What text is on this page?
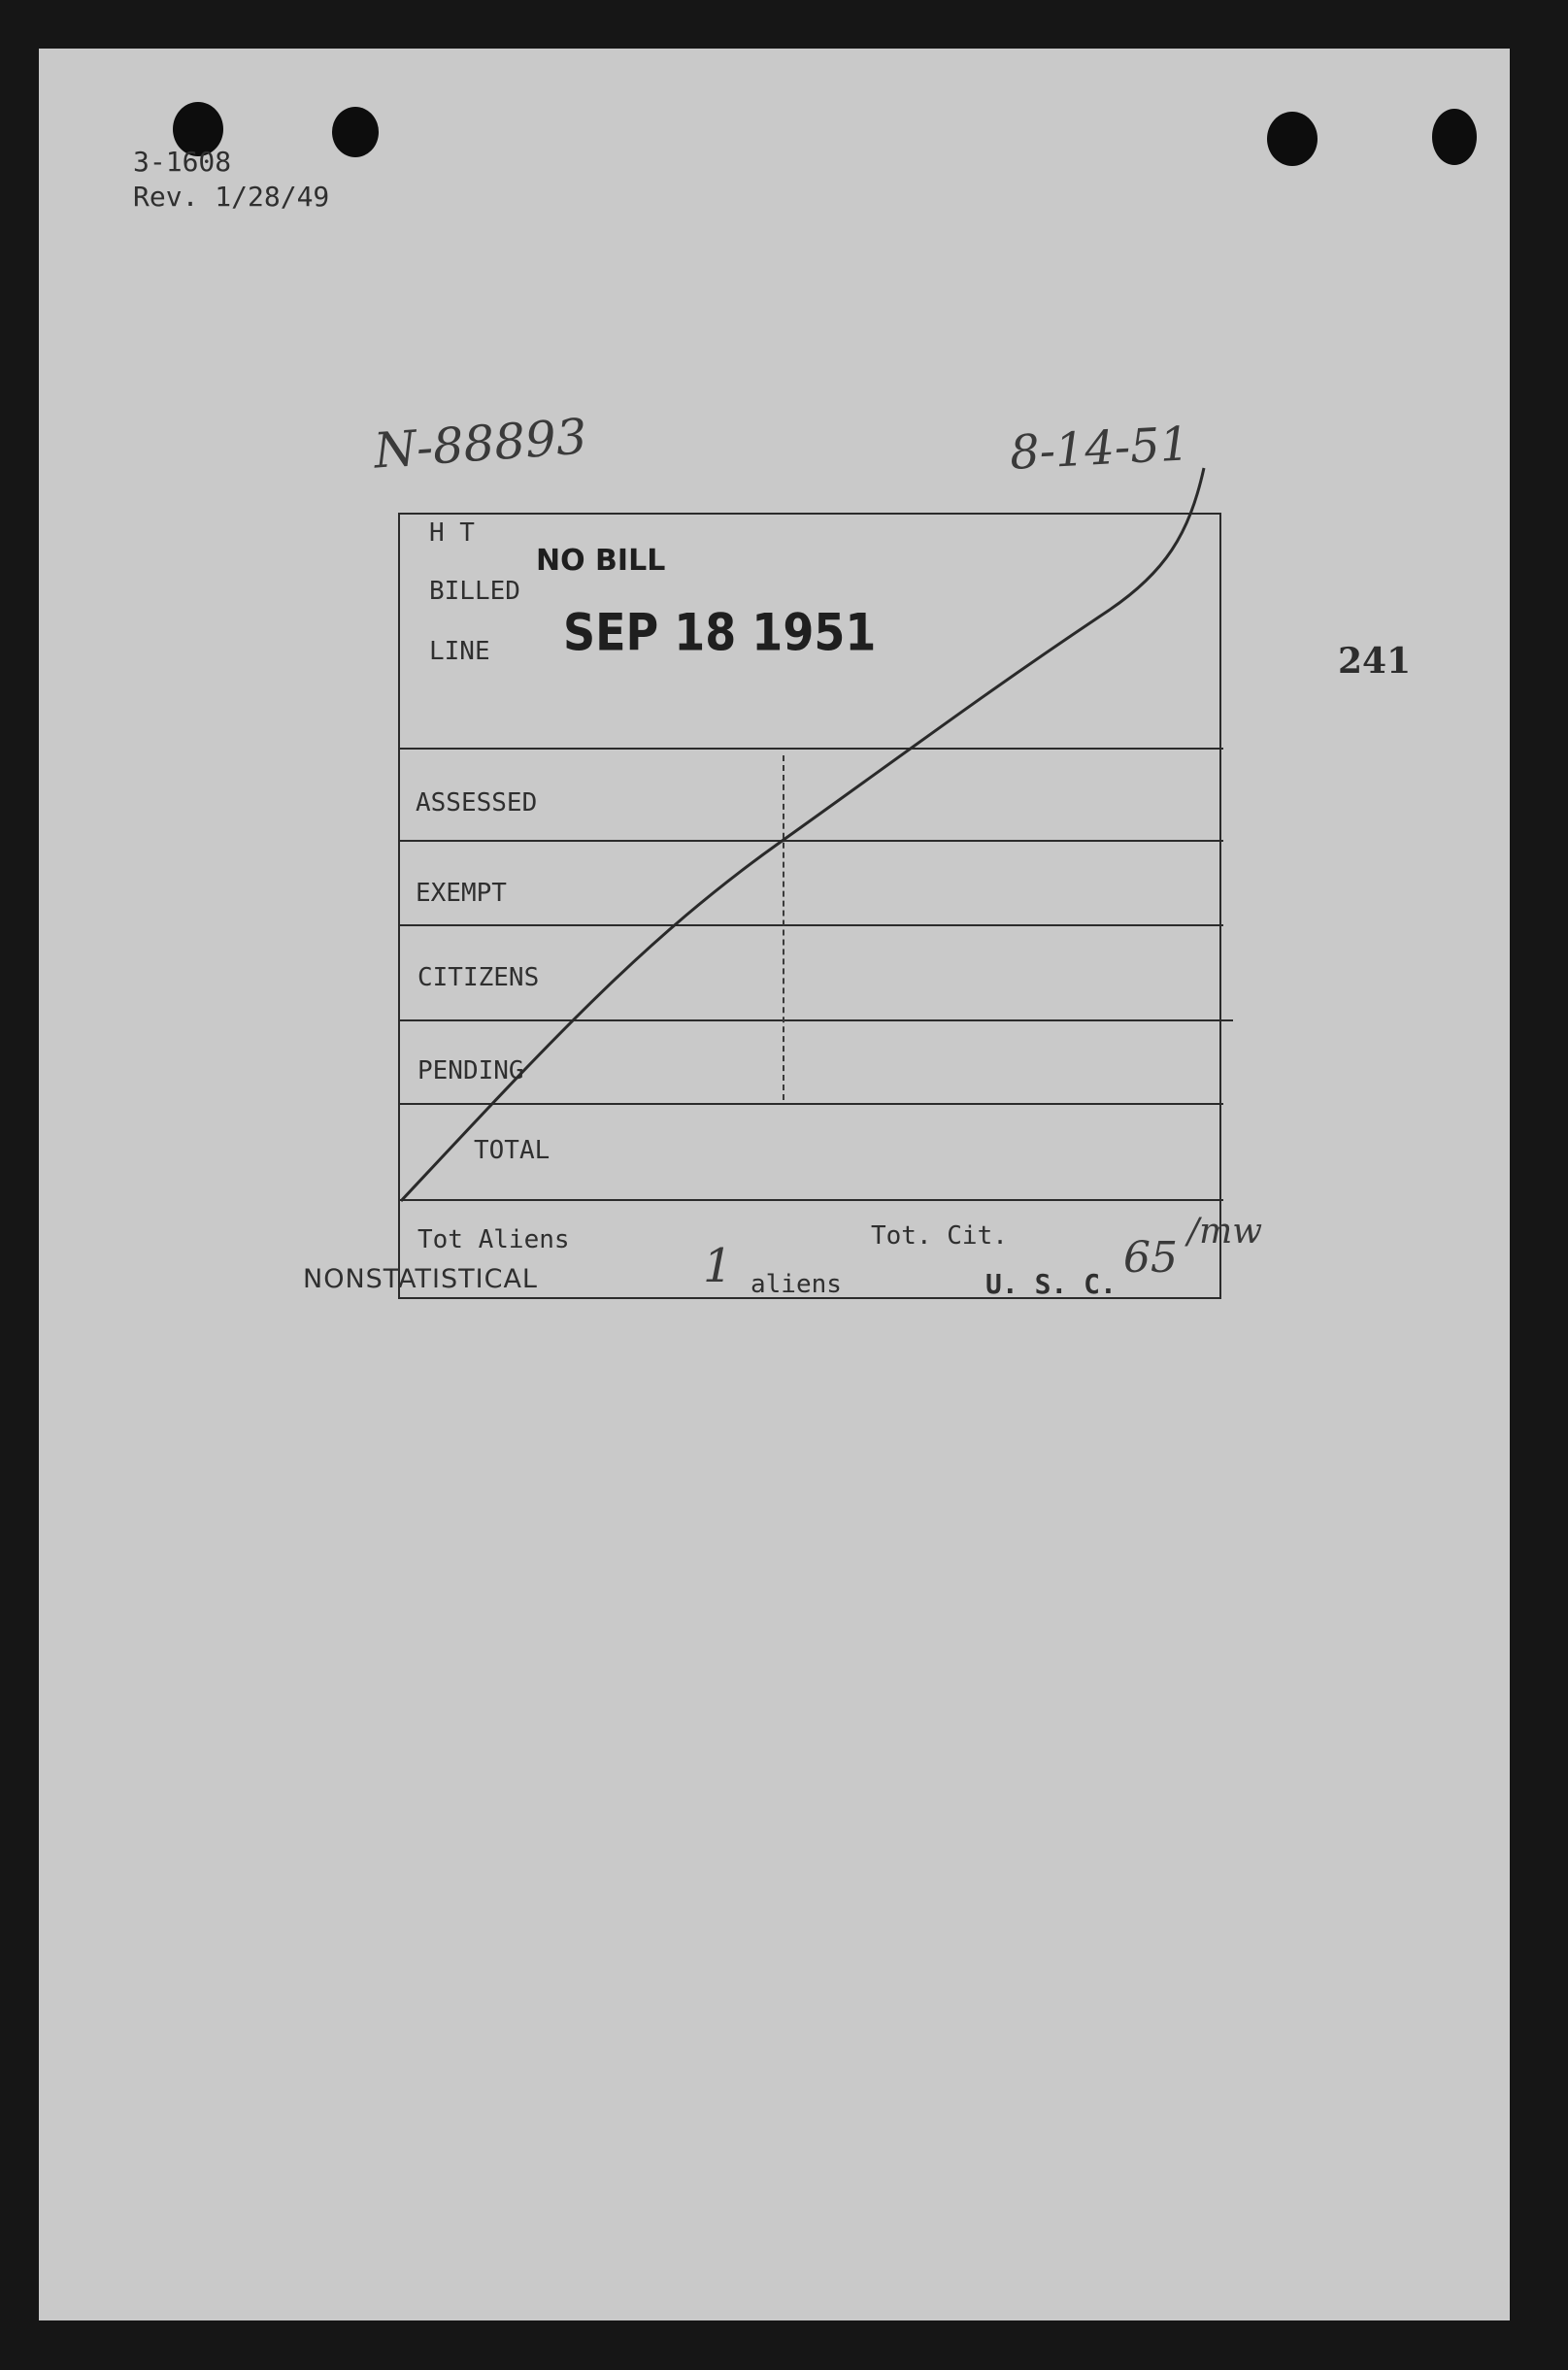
3-1608
Rev. 1/28/49
N-88893	8-14-51
241
H T
BILLED
LINE
NO BILL
SEP 18 1951
ASSESSED
EXEMPT
CITIZENS
PENDING
TOTAL
Tot Aliens	Tot. Cit.
1	65
/mw
NONSTATISTICAL	aliens	U. S. C.
